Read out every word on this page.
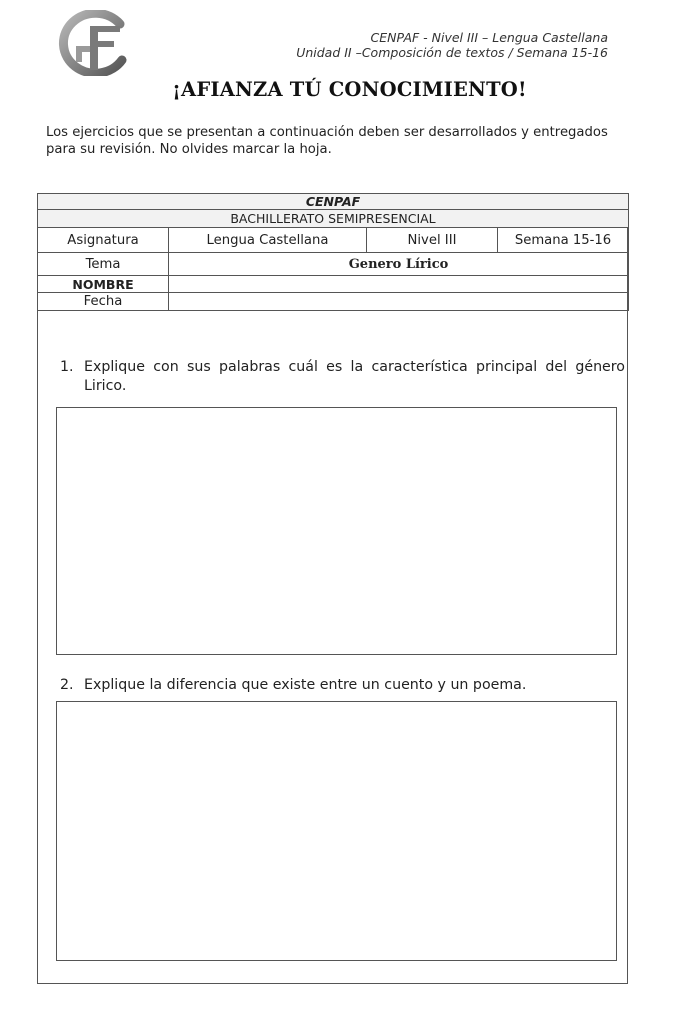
CENPAF - Nivel III – Lengua Castellana
Unidad II –Composición de textos / Semana 15-16
¡AFIANZA TÚ CONOCIMIENTO!
Los ejercicios que se presentan a continuación deben ser desarrollados y entregados para su revisión. No olvides marcar la hoja.
CENPAF			
BACHILLERATO SEMIPRESENCIAL			
Asignatura	Lengua Castellana	Nivel III	Semana 15-16
Tema	Genero Lírico		
NOMBRE			
Fecha			
1. Explique con sus palabras cuál es la característica principal del género Lirico.
2. Explique la diferencia que existe entre un cuento y un poema.
